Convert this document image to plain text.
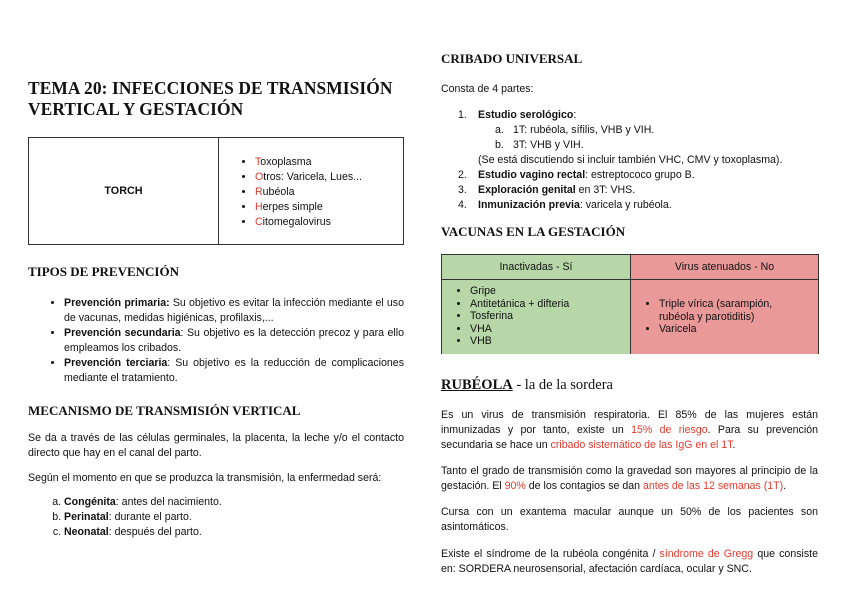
TEMA 20: INFECCIONES DE TRANSMISIÓN
VERTICAL Y GESTACIÓN
TORCH
• Toxoplasma
• Otros: Varicela, Lues...
• Rubéola
• Herpes simple
• Citomegalovirus
TIPOS DE PREVENCIÓN
• Prevención primaria: Su objetivo es evitar la infección mediante el uso de vacunas, medidas higiénicas, profilaxis,...
• Prevención secundaria: Su objetivo es la detección precoz y para ello empleamos los cribados.
• Prevención terciaria: Su objetivo es la reducción de complicaciones mediante el tratamiento.
MECANISMO DE TRANSMISIÓN VERTICAL

Se da a través de las células germinales, la placenta, la leche y/o el contacto directo que hay en el canal del parto.

Según el momento en que se produzca la transmisión, la enfermedad será:

a. Congénita: antes del nacimiento.
b. Perinatal: durante el parto.
c. Neonatal: después del parto.
CRIBADO UNIVERSAL

Consta de 4 partes:

1. Estudio serológico:
a. 1T: rubéola, sífilis, VHB y VIH.
b. 3T: VHB y VIH.
(Se está discutiendo si incluir también VHC, CMV y toxoplasma).
2. Estudio vagino rectal: estreptococo grupo B.
3. Exploración genital en 3T: VHS.
4. Inmunización previa: varicela y rubéola.
VACUNAS EN LA GESTACIÓN
Inactivadas - Sí	Virus atenuados - No
• Gripe
• Antitetánica + difteria
• Tosferina
• VHA
• VHB
• Triple vírica (sarampión, rubéola y parotiditis)
• Varicela
RUBÉOLA - la de la sordera

Es un virus de transmisión respiratoria. El 85% de las mujeres están inmunizadas y por tanto, existe un 15% de riesgo. Para su prevención secundaria se hace un cribado sistemático de las IgG en el 1T.

Tanto el grado de transmisión como la gravedad son mayores al principio de la gestación. El 90% de los contagios se dan antes de las 12 semanas (1T).

Cursa con un exantema macular aunque un 50% de los pacientes son asintomáticos.

Existe el síndrome de la rubéola congénita / síndrome de Gregg que consiste en: SORDERA neurosensorial, afectación cardíaca, ocular y SNC.
